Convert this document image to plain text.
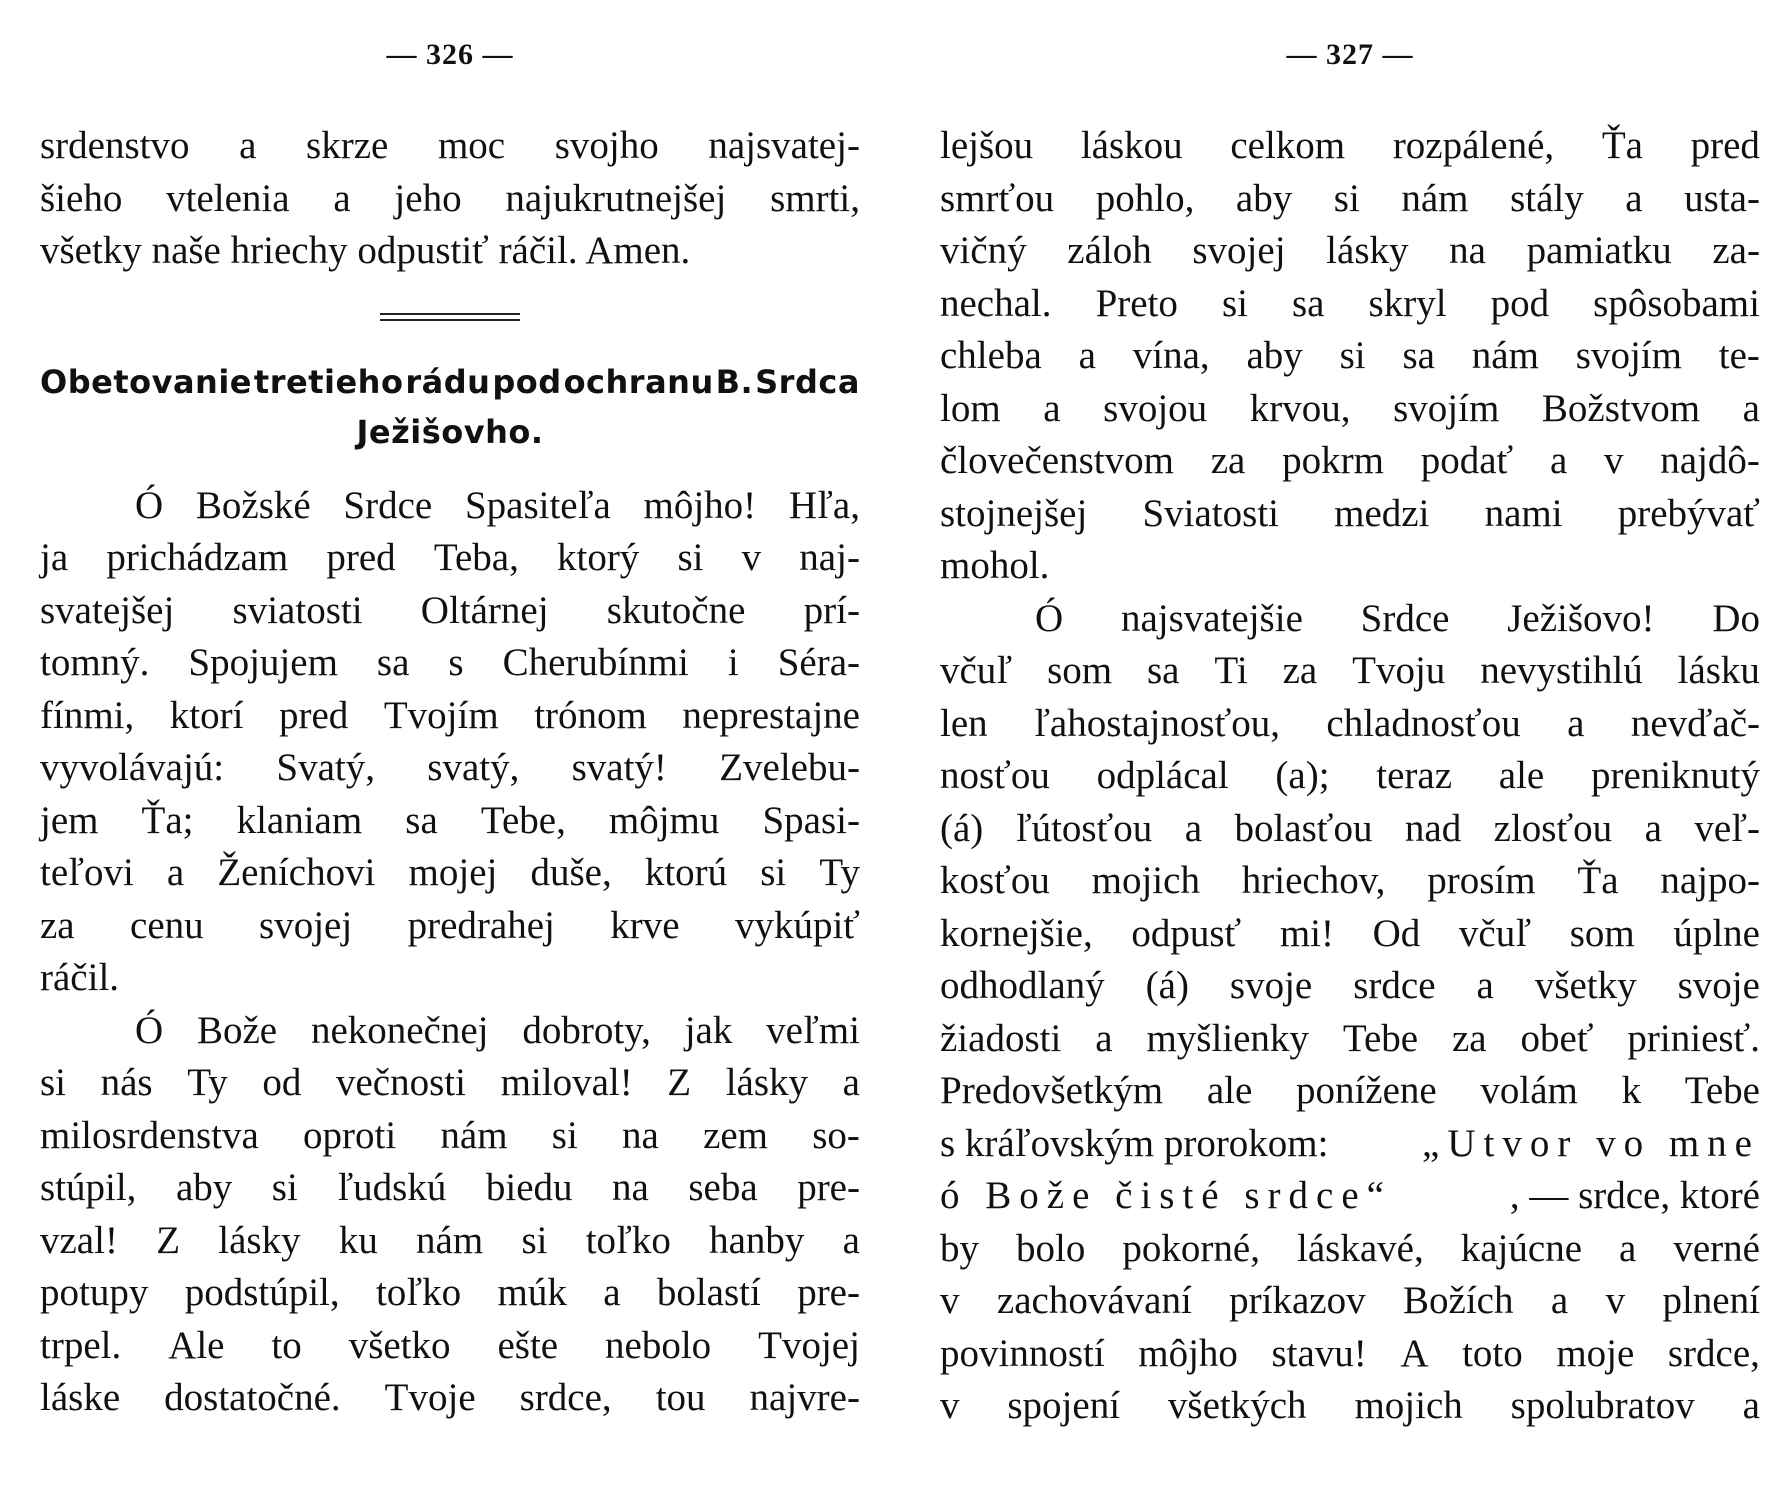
— 326 —
srdenstvo a skrze moc svojho najsvatej-
šieho vtelenia a jeho najukrutnejšej smrti,
všetky naše hriechy odpustiť ráčil. Amen.
Obetovanie tretieho rádu pod ochranu B. Srdca
Ježišovho.
Ó Božské Srdce Spasiteľa môjho! Hľa,
ja prichádzam pred Teba, ktorý si v naj-
svatejšej sviatosti Oltárnej skutočne prí-
tomný. Spojujem sa s Cherubínmi i Séra-
fínmi, ktorí pred Tvojím trónom neprestajne
vyvolávajú: Svatý, svatý, svatý! Zvelebu-
jem Ťa; klaniam sa Tebe, môjmu Spasi-
teľovi a Ženíchovi mojej duše, ktorú si Ty
za cenu svojej predrahej krve vykúpiť
ráčil.
Ó Bože nekonečnej dobroty, jak veľmi
si nás Ty od večnosti miloval! Z lásky a
milosrdenstva oproti nám si na zem so-
stúpil, aby si ľudskú biedu na seba pre-
vzal! Z lásky ku nám si toľko hanby a
potupy podstúpil, toľko múk a bolastí pre-
trpel. Ale to všetko ešte nebolo Tvojej
láske dostatočné. Tvoje srdce, tou najvre-
— 327 —
lejšou láskou celkom rozpálené, Ťa pred
smrťou pohlo, aby si nám stály a usta-
vičný záloh svojej lásky na pamiatku za-
nechal. Preto si sa skryl pod spôsobami
chleba a vína, aby si sa nám svojím te-
lom a svojou krvou, svojím Božstvom a
človečenstvom za pokrm podať a v najdô-
stojnejšej Sviatosti medzi nami prebývať
mohol.
Ó najsvatejšie Srdce Ježišovo! Do
včuľ som sa Ti za Tvoju nevystihlú lásku
len ľahostajnosťou, chladnosťou a nevďač-
nosťou odplácal (a); teraz ale preniknutý
(á) ľútosťou a bolasťou nad zlosťou a veľ-
kosťou mojich hriechov, prosím Ťa najpo-
kornejšie, odpusť mi! Od včuľ som úplne
odhodlaný (á) svoje srdce a všetky svoje
žiadosti a myšlienky Tebe za obeť priniesť.
Predovšetkým ale ponížene volám k Tebe
s kráľovským prorokom: „Utvor vo mne
ó Bože čisté srdce“	, — srdce, ktoré
by bolo pokorné, láskavé, kajúcne a verné
v zachovávaní príkazov Božích a v plnení
povinností môjho stavu! A toto moje srdce,
v spojení všetkých mojich spolubratov a
